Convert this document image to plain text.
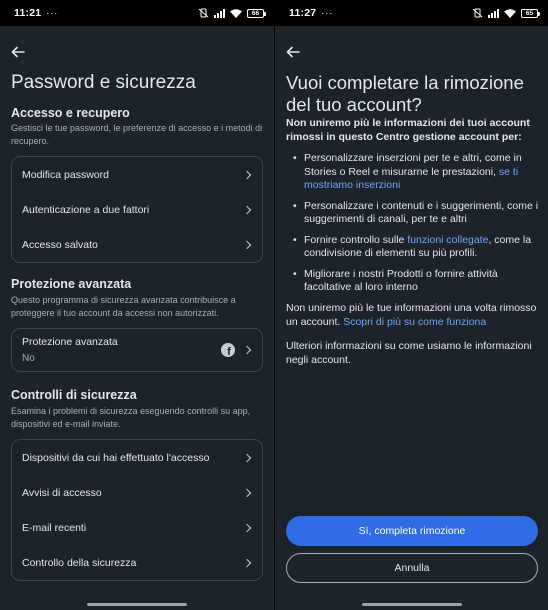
11:21 ···	66
Password e sicurezza
Accesso e recupero
Gestisci le tue password, le preferenze di accesso e i metodi di recupero.
Modifica password
Autenticazione a due fattori
Accesso salvato
Protezione avanzata
Questo programma di sicurezza avanzata contribuisce a proteggere il tuo account da accessi non autorizzati.
Protezione avanzata
No
f
Controlli di sicurezza
Esamina i problemi di sicurezza eseguendo controlli su app, dispositivi ed e-mail inviate.
Dispositivi da cui hai effettuato l'accesso
Avvisi di accesso
E-mail recenti
Controllo della sicurezza
11:27 ···	65
Vuoi completare la rimozione del tuo account?
Non uniremo più le informazioni dei tuoi account rimossi in questo Centro gestione account per:
• Personalizzare inserzioni per te e altri, come in Stories o Reel e misurarne le prestazioni, se ti mostriamo inserzioni
• Personalizzare i contenuti e i suggerimenti, come i suggerimenti di canali, per te e altri
• Fornire controllo sulle funzioni collegate, come la condivisione di elementi su più profili.
• Migliorare i nostri Prodotti o fornire attività facoltative al loro interno
Non uniremo più le tue informazioni una volta rimosso un account. Scopri di più su come funziona
Ulteriori informazioni su come usiamo le informazioni negli account.
Sì, completa rimozione
Annulla
